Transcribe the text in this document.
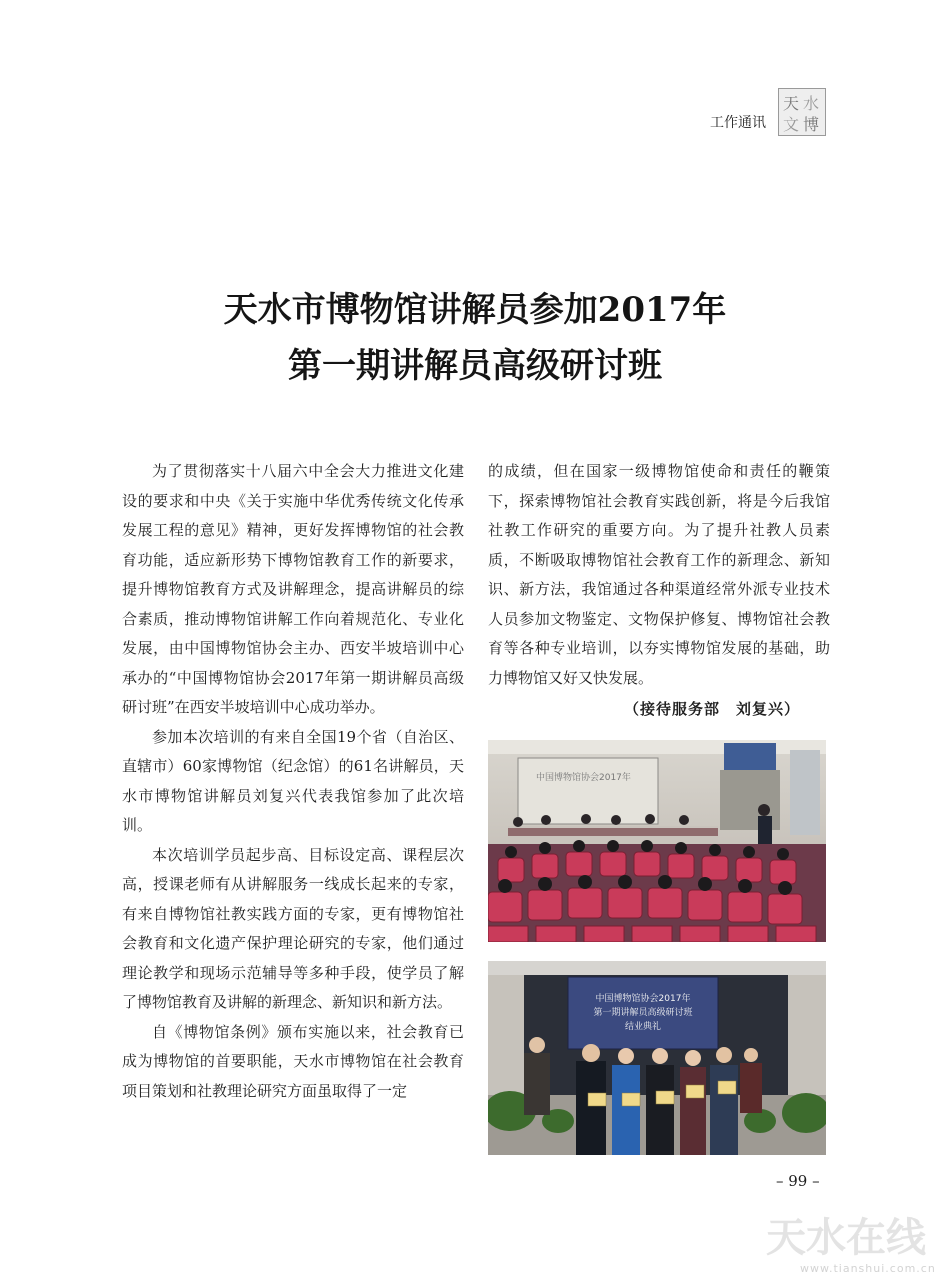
工作通讯
天 水
文 博
天水市博物馆讲解员参加2017年
第一期讲解员高级研讨班

为了贯彻落实十八届六中全会大力推进文化建设的要求和中央《关于实施中华优秀传统文化传承发展工程的意见》精神，更好发挥博物馆的社会教育功能，适应新形势下博物馆教育工作的新要求，提升博物馆教育方式及讲解理念，提高讲解员的综合素质，推动博物馆讲解工作向着规范化、专业化发展，由中国博物馆协会主办、西安半坡培训中心承办的“中国博物馆协会2017年第一期讲解员高级研讨班”在西安半坡培训中心成功举办。

参加本次培训的有来自全国19个省（自治区、直辖市）60家博物馆（纪念馆）的61名讲解员，天水市博物馆讲解员刘复兴代表我馆参加了此次培训。

本次培训学员起步高、目标设定高、课程层次高，授课老师有从讲解服务一线成长起来的专家，有来自博物馆社教实践方面的专家，更有博物馆社会教育和文化遗产保护理论研究的专家，他们通过理论教学和现场示范辅导等多种手段，使学员了解了博物馆教育及讲解的新理念、新知识和新方法。

自《博物馆条例》颁布实施以来，社会教育已成为博物馆的首要职能，天水市博物馆在社会教育项目策划和社教理论研究方面虽取得了一定

的成绩，但在国家一级博物馆使命和责任的鞭策下，探索博物馆社会教育实践创新，将是今后我馆社教工作研究的重要方向。为了提升社教人员素质，不断吸取博物馆社会教育工作的新理念、新知识、新方法，我馆通过各种渠道经常外派专业技术人员参加文物鉴定、文物保护修复、博物馆社会教育等各种专业培训，以夯实博物馆发展的基础，助力博物馆又好又快发展。

（接待服务部　刘复兴）
中国博物馆协会2017年
中国博物馆协会2017年
第一期讲解员高级研讨班
结业典礼
– 99 –
天水在线
www.tianshui.com.cn
